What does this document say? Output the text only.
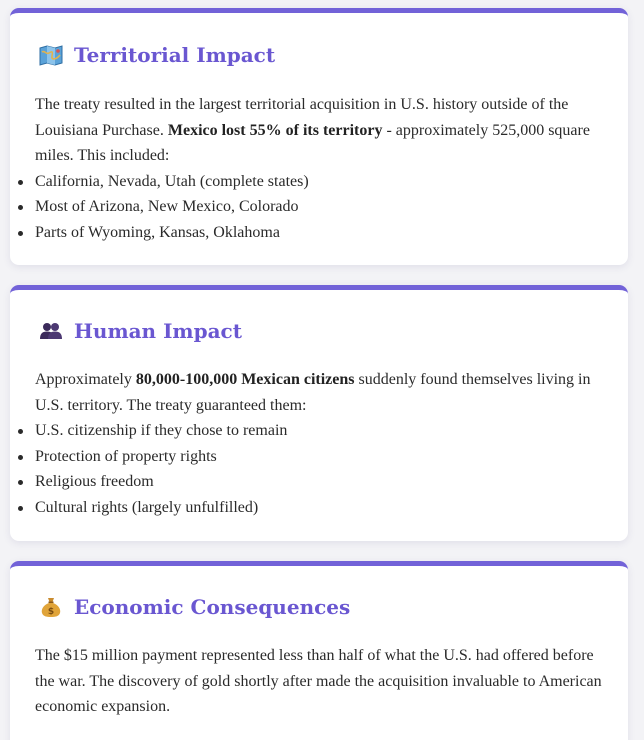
Territorial Impact

The treaty resulted in the largest territorial acquisition in U.S. history outside of the Louisiana Purchase. Mexico lost 55% of its territory - approximately 525,000 square miles. This included:

California, Nevada, Utah (complete states)
Most of Arizona, New Mexico, Colorado
Parts of Wyoming, Kansas, Oklahoma
Human Impact

Approximately 80,000-100,000 Mexican citizens suddenly found themselves living in U.S. territory. The treaty guaranteed them:

U.S. citizenship if they chose to remain
Protection of property rights
Religious freedom
Cultural rights (largely unfulfilled)
$ Economic Consequences

The $15 million payment represented less than half of what the U.S. had offered before the war. The discovery of gold shortly after made the acquisition invaluable to American economic expansion.
